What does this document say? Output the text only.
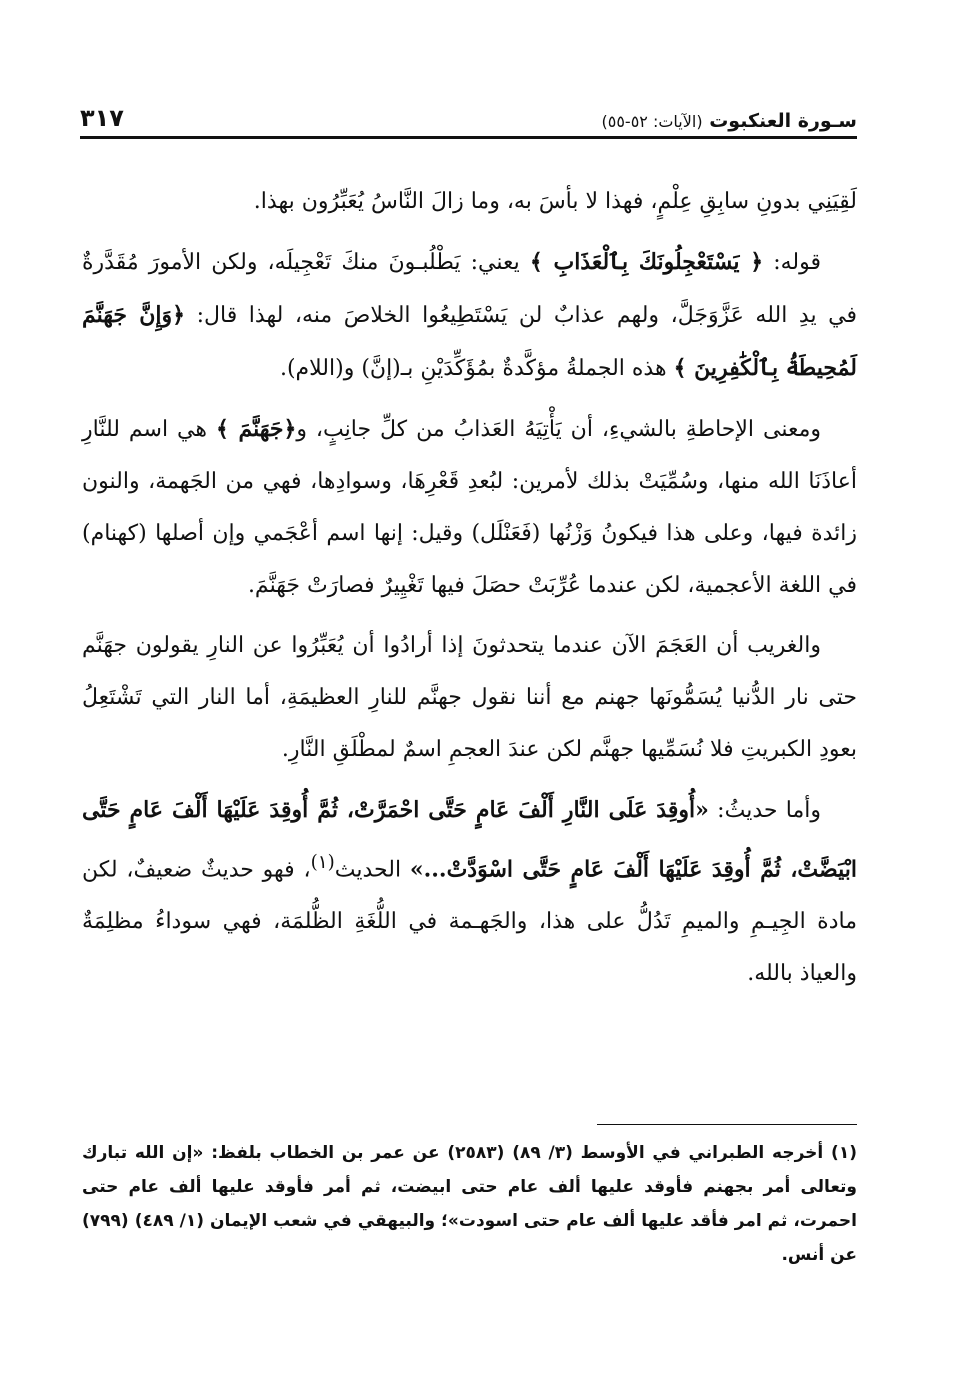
سـورة العنكبوت (الآيات: ٥٢-٥٥)
٣١٧

لَقِيَنِي بدونِ سابِقِ عِلْمٍ، فهذا لا بأسَ به، وما زالَ النَّاسُ يُعَبِّرُون بهذا.

قوله: ﴿ يَسْتَعْجِلُونَكَ بِٱلْعَذَابِ ﴾ يعني: يَطْلُبـونَ منكَ تَعْجِيلَه، ولكن الأمورَ مُقَدَّرةٌ في يدِ الله عَزَّوَجَلَّ، ولهم عذابٌ لن يَسْتَطِيعُوا الخلاصَ منه، لهذا قال: ﴿وَإِنَّ جَهَنَّمَ لَمُحِيطَةُۢ بِٱلْكَٰفِرِينَ ﴾ هذه الجملةُ مؤكَّدةٌ بمُؤَكِّدَيْنِ بـ(إنَّ) و(اللام).

ومعنى الإحاطةِ بالشيءِ، أن يَأْتِيَهُ العَذابُ من كلِّ جانِبٍ، و﴿جَهَنَّمَ ﴾ هي اسم للنَّارِ أعاذَنَا الله منها، وسُمِّيَتْ بذلك لأمرين: لبُعدِ قَعْرِهَا، وسوادِها، فهي من الجَهمة، والنون زائدة فيها، وعلى هذا فيكونُ وَزْنُها (فَعَنْلَل) وقيل: إنها اسم أعْجَمي وإن أصلها (كهنام) في اللغة الأعجمية، لكن عندما عُرِّبَتْ حصَلَ فيها تَغْيِيرٌ فصارَتْ جَهَنَّمَ.

والغريب أن العَجَمَ الآن عندما يتحدثونَ إذا أرادُوا أن يُعَبِّرُوا عن النارِ يقولون جهَنَّم حتى نار الدُّنيا يُسَمُّونَها جهنم مع أننا نقول جهنَّم للنارِ العظيمَةِ، أما النار التي تَشْتَعِلُ بعودِ الكبريتِ فلا نُسَمِّيها جهنَّم لكن عندَ العجمِ اسمٌ لمطْلَقِ النَّارِ.

وأما حديثُ: «أُوقِدَ عَلَى النَّارِ أَلْفَ عَامٍ حَتَّى احْمَرَّتْ، ثُمَّ أُوقِدَ عَلَيْهَا أَلْفَ عَامٍ حَتَّى ابْيَضَّتْ، ثُمَّ أُوقِدَ عَلَيْهَا أَلْفَ عَامٍ حَتَّى اسْوَدَّتْ...» الحديث$^{(١)}$، فهو حديثٌ ضعيفٌ، لكن مادة الجِيـمِ والميمِ تَدُلُّ على هذا، والجَهـمة في اللُّغَةِ الظُّلمَة، فهي سوداءُ مظلِمَةٌ والعياذ بالله.

(١) أخرجه الطبراني في الأوسط (٣/ ٨٩) (٢٥٨٣) عن عمر بن الخطاب بلفظ: «إن الله تبارك وتعالى أمر بجهنم فأوقد عليها ألف عام حتى ابيضت، ثم أمر فأوقد عليها ألف عام حتى احمرت، ثم امر فأقد عليها ألف عام حتى اسودت»؛ والبيهقي في شعب الإيمان (١/ ٤٨٩) (٧٩٩) عن أنس.
